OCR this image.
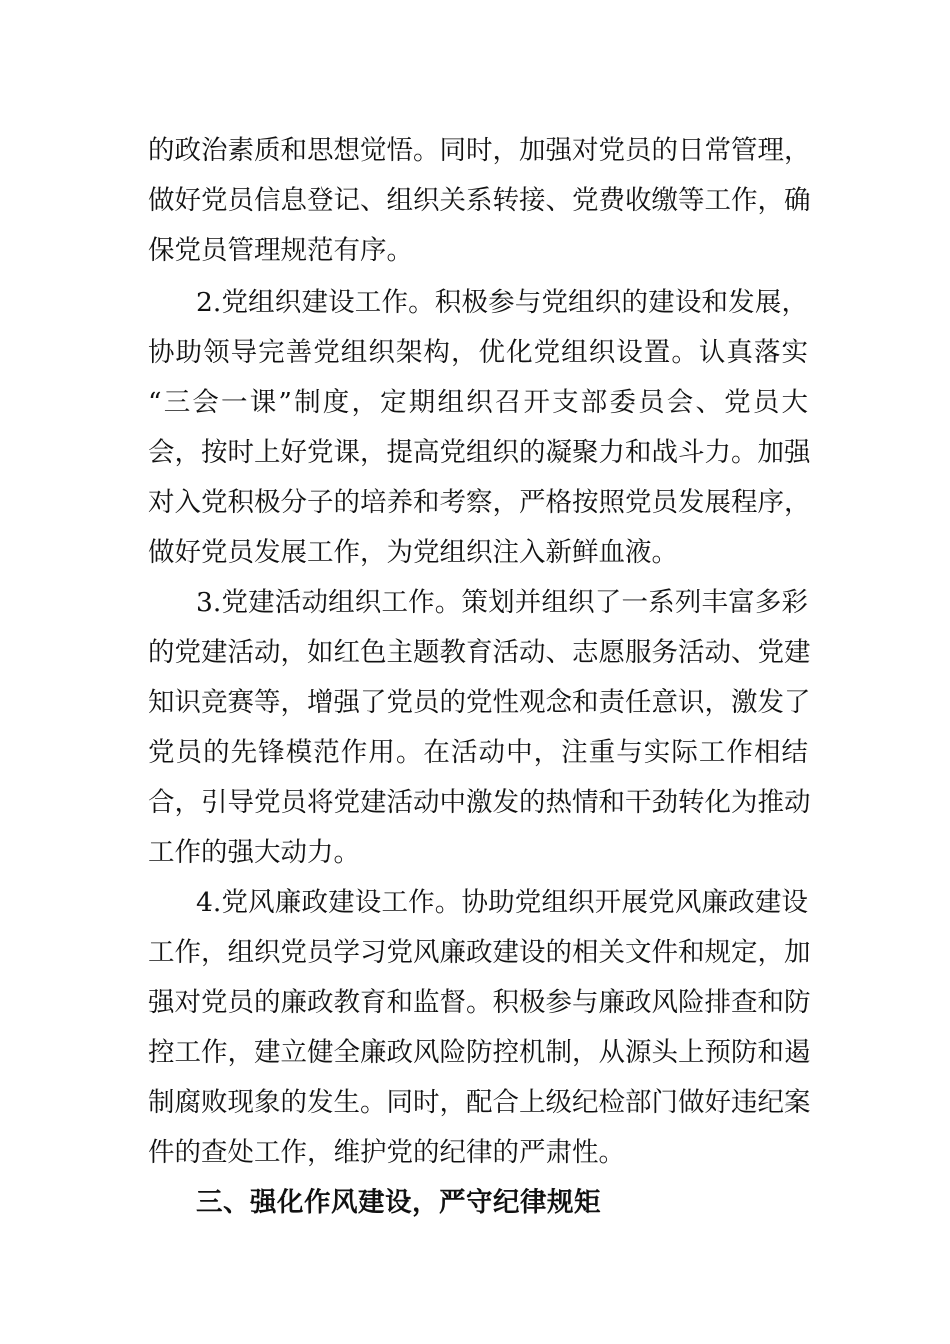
的政治素质和思想觉悟。同时，加强对党员的日常管理，
做好党员信息登记、组织关系转接、党费收缴等工作，确
保党员管理规范有序。
2.党组织建设工作。积极参与党组织的建设和发展，
协助领导完善党组织架构，优化党组织设置。认真落实
“三会一课”制度，定期组织召开支部委员会、党员大
会，按时上好党课，提高党组织的凝聚力和战斗力。加强
对入党积极分子的培养和考察，严格按照党员发展程序，
做好党员发展工作，为党组织注入新鲜血液。
3.党建活动组织工作。策划并组织了一系列丰富多彩
的党建活动，如红色主题教育活动、志愿服务活动、党建
知识竞赛等，增强了党员的党性观念和责任意识，激发了
党员的先锋模范作用。在活动中，注重与实际工作相结
合，引导党员将党建活动中激发的热情和干劲转化为推动
工作的强大动力。
4.党风廉政建设工作。协助党组织开展党风廉政建设
工作，组织党员学习党风廉政建设的相关文件和规定，加
强对党员的廉政教育和监督。积极参与廉政风险排查和防
控工作，建立健全廉政风险防控机制，从源头上预防和遏
制腐败现象的发生。同时，配合上级纪检部门做好违纪案
件的查处工作，维护党的纪律的严肃性。
三、强化作风建设，严守纪律规矩
